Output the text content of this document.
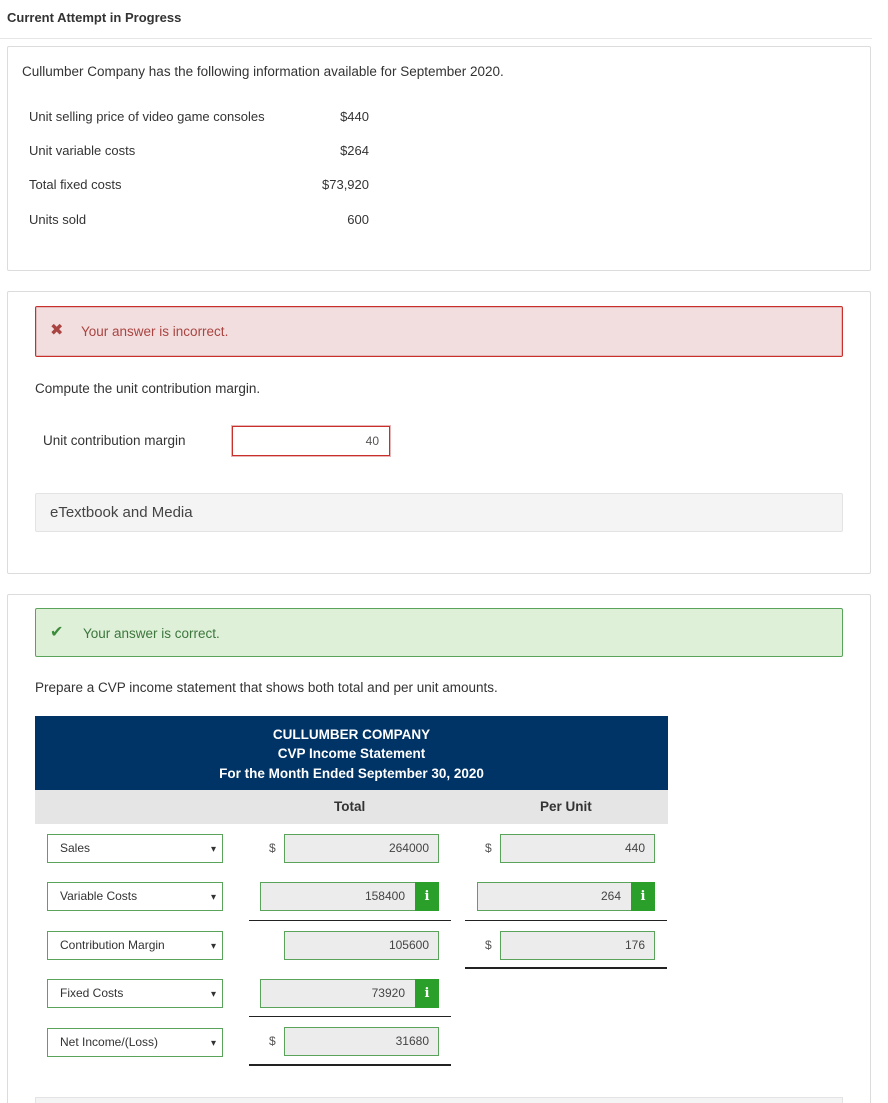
Current Attempt in Progress
Cullumber Company has the following information available for September 2020.
Unit selling price of video game consoles	$440
Unit variable costs	$264
Total fixed costs	$73,920
Units sold	600
✖ Your answer is incorrect.
Compute the unit contribution margin.
Unit contribution margin	40
eTextbook and Media
✔ Your answer is correct.
Prepare a CVP income statement that shows both total and per unit amounts.
CULLUMBER COMPANY
CVP Income Statement
For the Month Ended September 30, 2020
Total	Per Unit
Sales	▾	$	264000	$	440
Variable Costs	▾	158400	i	264	i
Contribution Margin	▾	105600	$	176
Fixed Costs	▾	73920	i
Net Income/(Loss)	▾	$	31680
